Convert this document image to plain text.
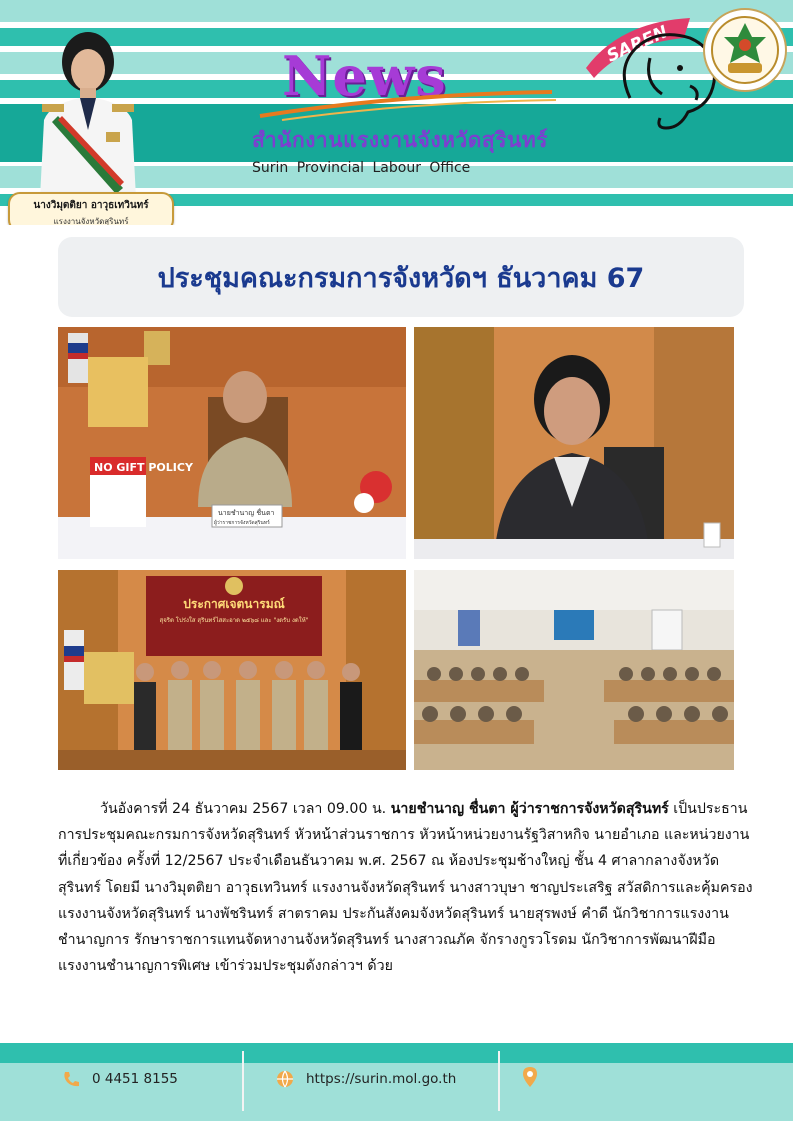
นางวิมุตติยา อาวุธเทวินทร์
แรงงานจังหวัดสุรินทร์
News
สำนักงานแรงงานจังหวัดสุรินทร์
Surin Provincial Labour Office
SAREN
ประชุมคณะกรมการจังหวัดฯ ธันวาคม 67
NO GIFT POLICY
นายชำนาญ ชื่นตา
ผู้ว่าราชการจังหวัดสุรินทร์
ประกาศเจตนารมณ์
สุจริต โปร่งใส สุรินทร์ไสสะอาด ๒๕๖๘ และ "งดรับ งดให้"
วันอังคารที่ 24 ธันวาคม 2567 เวลา 09.00 น. นายชำนาญ ชื่นตา ผู้ว่าราชการจังหวัดสุรินทร์ เป็นประธานการประชุมคณะกรมการจังหวัดสุรินทร์ หัวหน้าส่วนราชการ หัวหน้าหน่วยงานรัฐวิสาหกิจ นายอำเภอ และหน่วยงานที่เกี่ยวข้อง ครั้งที่ 12/2567 ประจำเดือนธันวาคม พ.ศ. 2567 ณ ห้องประชุมช้างใหญ่ ชั้น 4 ศาลากลางจังหวัดสุรินทร์ โดยมี นางวิมุตติยา อาวุธเทวินทร์ แรงงานจังหวัดสุรินทร์ นางสาวบุษา ชาญประเสริฐ สวัสดิการและคุ้มครองแรงงานจังหวัดสุรินทร์ นางพัชรินทร์ สาตราคม ประกันสังคมจังหวัดสุรินทร์ นายสุรพงษ์ คำดี นักวิชาการแรงงานชำนาญการ รักษาราชการแทนจัดหางานจังหวัดสุรินทร์ นางสาวณภัค จักรางกูรวโรดม นักวิชาการพัฒนาฝีมือแรงงานชำนาญการพิเศษ เข้าร่วมประชุมดังกล่าวฯ ด้วย
0 4451 8155	https://surin.mol.go.th
